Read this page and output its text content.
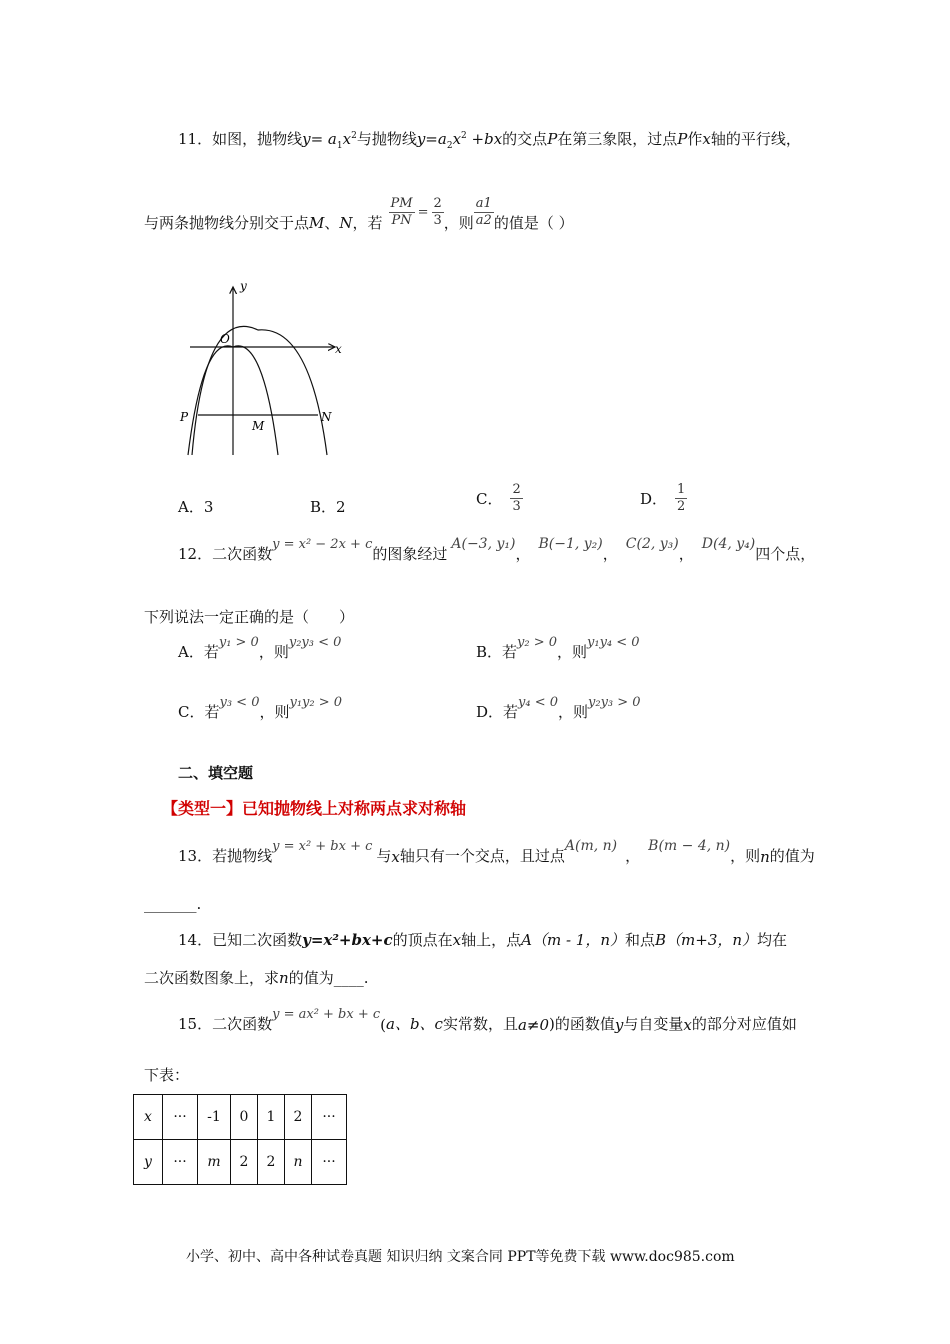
11．如图，抛物线$y= a_1x^2$与抛物线$y=a_2x^2 +bx$的交点P在第三象限，过点P作x轴的平行线，
与两条抛物线分别交于点 M 、 N ，若 $\frac{PM}{PN} = \frac{2}{3}$ ，则 $\frac{a1}{a2}$ 的值是（ ）
y
x
O
P
M
N
A．3	B．2	C． $\frac{2}{3}$	D． $\frac{1}{2}$
12． 二次函数
y = x² − 2x + c
的图象经过
A(−3, y₁)
，
B(−1, y₂)
，
C(2, y₃)
，
D(4, y₄)
四个点，
下列说法一定正确的是（　　）
A．若
y₁ > 0
，则
y₂y₃ < 0
B．若
y₂ > 0
，则
y₁y₄ < 0
C．若
y₃ < 0
，则
y₁y₂ > 0
D．若
y₄ < 0
，则
y₂y₃ > 0
二、填空题
【类型一】已知抛物线上对称两点求对称轴
13． 若抛物线
y = x² + bx + c
与 x 轴只有一个交点，且过点
A(m, n)
，
B(m − 4, n)
，则 n 的值为
_______.
14．已知二次函数y=x²+bx+c的顶点在x轴上，点A（m - 1，n）和点B（m+3，n）均在
二次函数图象上，求n的值为____.
15． 二次函数
y = ax² + bx + c
( a、b、c 实常数，且 a≠0 )的函数值 y 与自变量 x 的部分对应值如
下表：
x	···	-1	0	1	2	···
y	···	m	2	2	n	···
小学、初中、高中各种试卷真题 知识归纳 文案合同 PPT等免费下载 www.doc985.com
